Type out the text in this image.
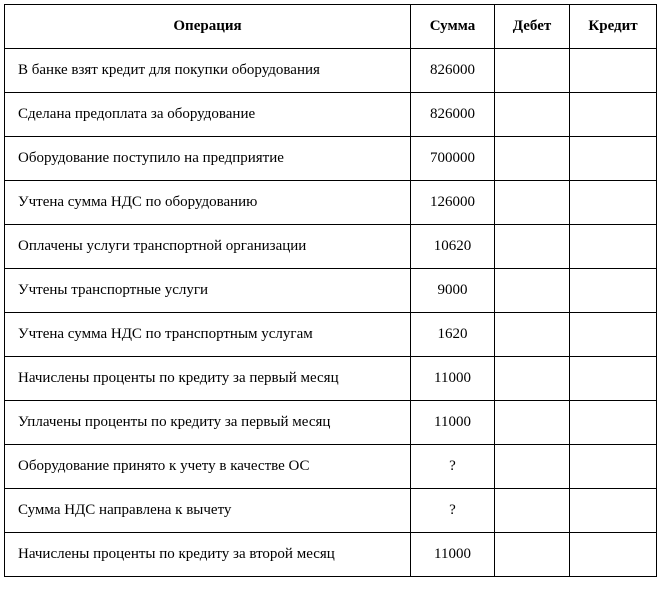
Операция	Сумма	Дебет	Кредит
В банке взят кредит для покупки оборудования	826000		
Сделана предоплата за оборудование	826000		
Оборудование поступило на предприятие	700000		
Учтена сумма НДС по оборудованию	126000		
Оплачены услуги транспортной организации	10620		
Учтены транспортные услуги	9000		
Учтена сумма НДС по транспортным услугам	1620		
Начислены проценты по кредиту за первый месяц	11000		
Уплачены проценты по кредиту за первый месяц	11000		
Оборудование принято к учету в качестве ОС	?		
Сумма НДС направлена к вычету	?		
Начислены проценты по кредиту за второй месяц	11000		
